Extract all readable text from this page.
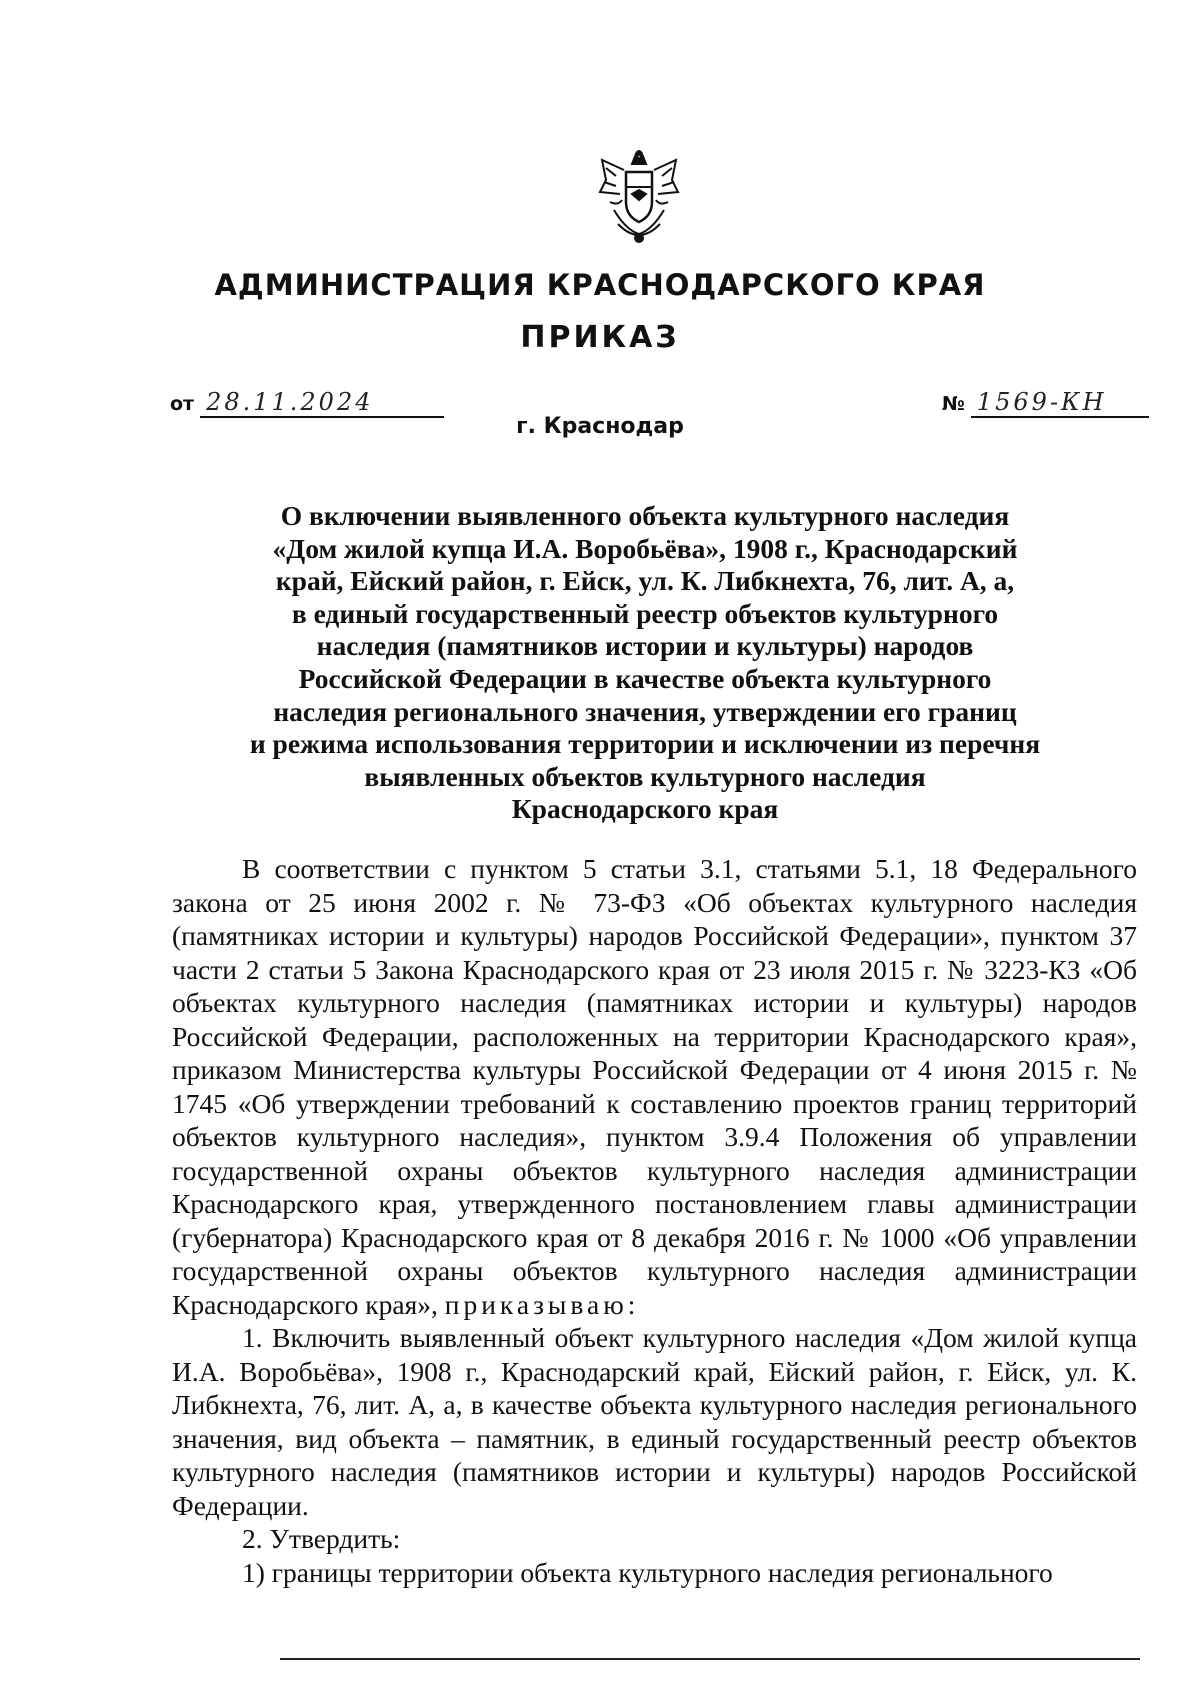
АДМИНИСТРАЦИЯ КРАСНОДАРСКОГО КРАЯ
ПРИКАЗ
от 28.11.2024	№ 1569-КН
г. Краснодар
О включении выявленного объекта культурного наследия
«Дом жилой купца И.А. Воробьёва», 1908 г., Краснодарский
край, Ейский район, г. Ейск, ул. К. Либкнехта, 76, лит. А, а,
в единый государственный реестр объектов культурного
наследия (памятников истории и культуры) народов
Российской Федерации в качестве объекта культурного
наследия регионального значения, утверждении его границ
и режима использования территории и исключении из перечня
выявленных объектов культурного наследия
Краснодарского края

В соответствии с пунктом 5 статьи 3.1, статьями 5.1, 18 Федерального закона от 25 июня 2002 г. № 73-ФЗ «Об объектах культурного наследия (памятниках истории и культуры) народов Российской Федерации», пунктом 37 части 2 статьи 5 Закона Краснодарского края от 23 июля 2015 г. № 3223-КЗ «Об объектах культурного наследия (памятниках истории и культуры) народов Российской Федерации, расположенных на территории Краснодарского края», приказом Министерства культуры Российской Федерации от 4 июня 2015 г. № 1745 «Об утверждении требований к составлению проектов границ территорий объектов культурного наследия», пунктом 3.9.4 Положения об управлении государственной охраны объектов культурного наследия администрации Краснодарского края, утвержденного постановлением главы администрации (губернатора) Краснодарского края от 8 декабря 2016 г. № 1000 «Об управлении государственной охраны объектов культурного наследия администрации Краснодарского края», приказываю:

1. Включить выявленный объект культурного наследия «Дом жилой купца И.А. Воробьёва», 1908 г., Краснодарский край, Ейский район, г. Ейск, ул. К. Либкнехта, 76, лит. А, а, в качестве объекта культурного наследия регионального значения, вид объекта – памятник, в единый государственный реестр объектов культурного наследия (памятников истории и культуры) народов Российской Федерации.

2. Утвердить:

1) границы территории объекта культурного наследия регионального
